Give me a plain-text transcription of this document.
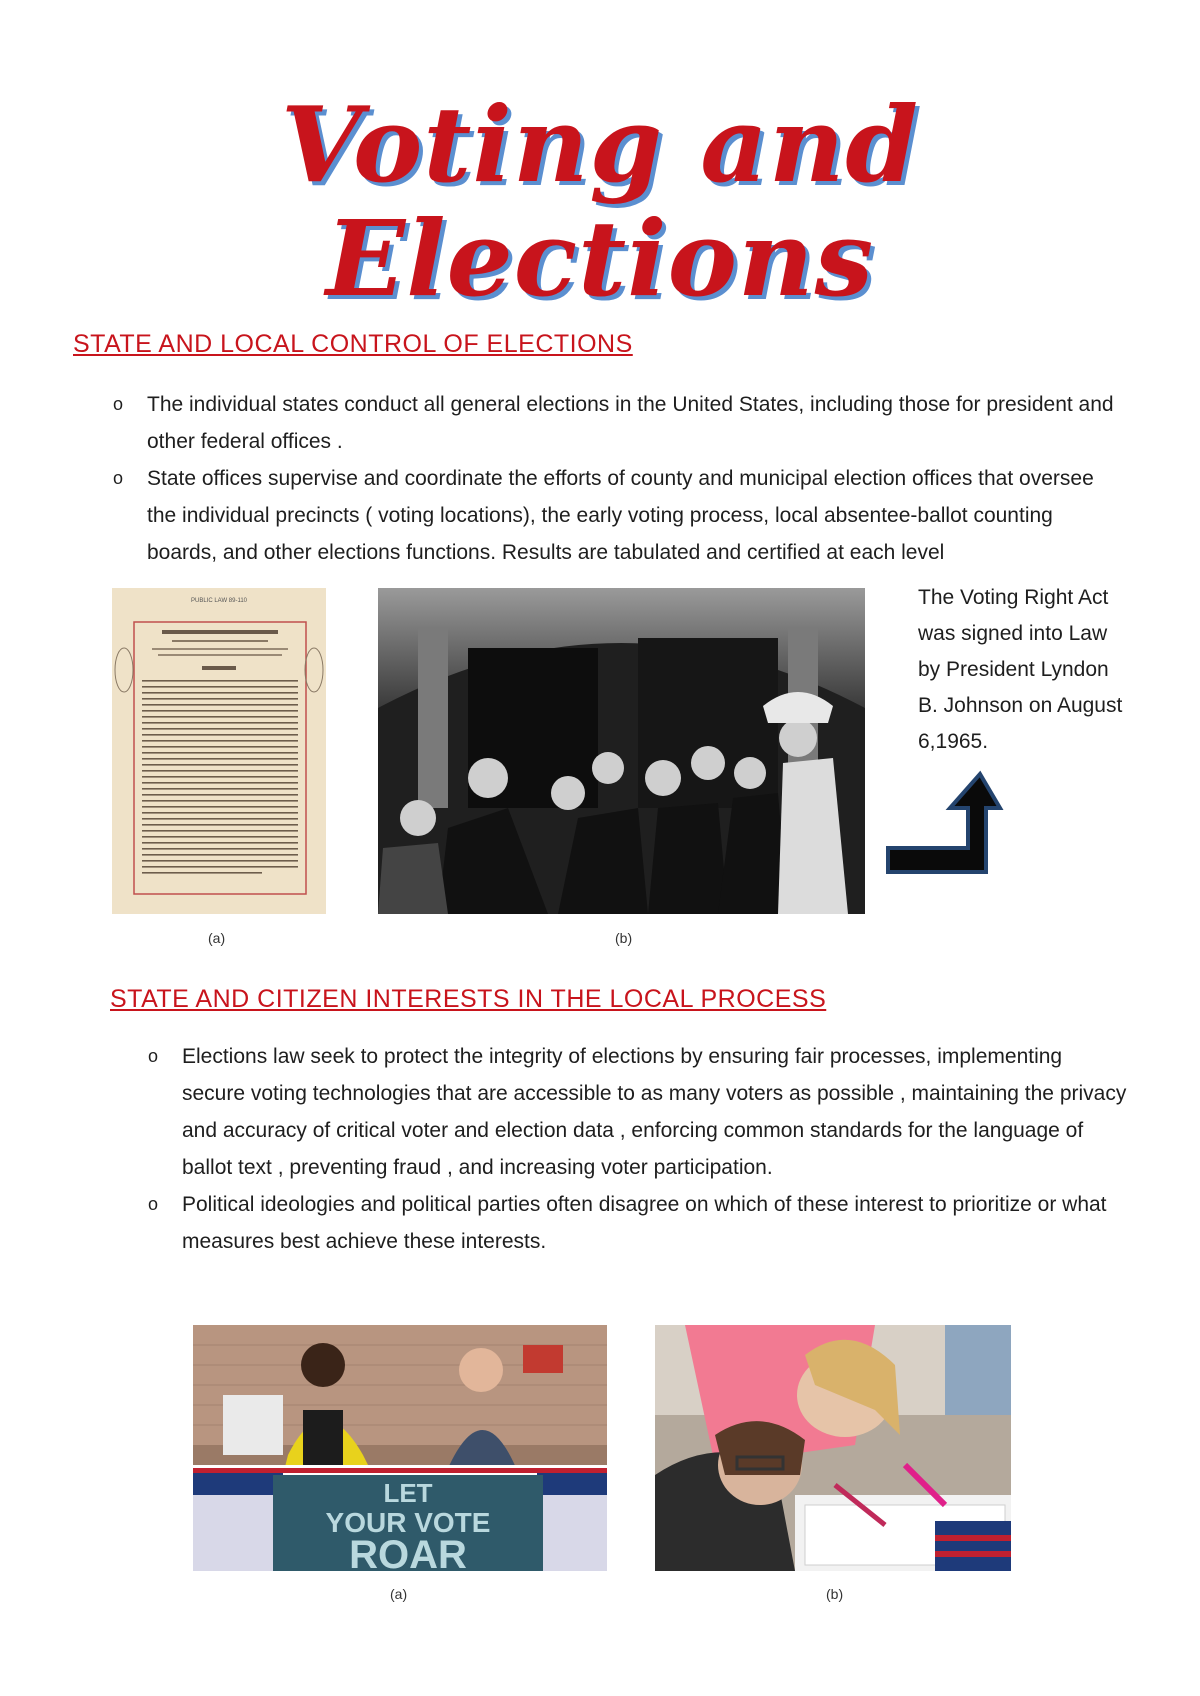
Voting and Elections
STATE AND LOCAL CONTROL OF ELECTIONS
o The individual states conduct all general elections in the United States, including those for president and other federal offices .
o State offices supervise and coordinate the efforts of county and municipal election offices that oversee the individual precincts ( voting locations), the early voting process, local absentee-ballot counting boards, and other elections functions. Results are tabulated and certified at each level
PUBLIC LAW 89-110
(a)	(b)
The Voting Right Act was signed into Law by President Lyndon B. Johnson on August 6,1965.
STATE AND CITIZEN INTERESTS IN THE LOCAL PROCESS
o Elections law seek to protect the integrity of elections by ensuring fair processes, implementing secure voting technologies that are accessible to as many voters as possible , maintaining the privacy and accuracy of critical voter and election data , enforcing common standards for the language of ballot text , preventing fraud , and increasing voter participation.
o Political ideologies and political parties often disagree on which of these interest to prioritize or what measures best achieve these interests.
LET
YOUR VOTE
ROAR
(a)	(b)
